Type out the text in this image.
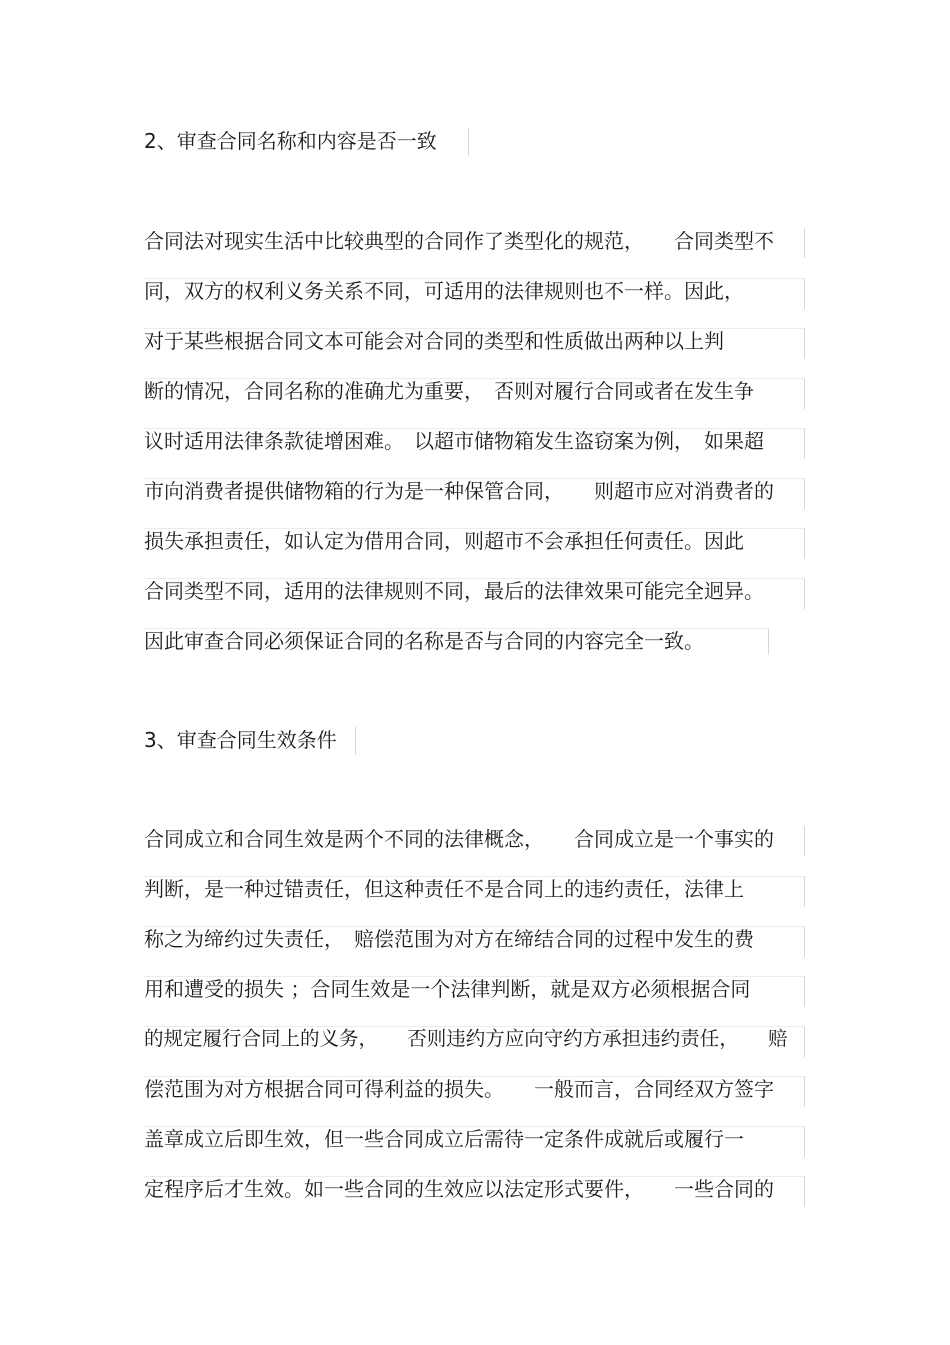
2、审查合同名称和内容是否一致
合同法对现实生活中比较典型的合同作了类型化的规范，　　合同类型不
同，双方的权利义务关系不同，可适用的法律规则也不一样。因此，
对于某些根据合同文本可能会对合同的类型和性质做出两种以上判
断的情况，合同名称的准确尤为重要，　否则对履行合同或者在发生争
议时适用法律条款徒增困难。　以超市储物箱发生盗窃案为例，　如果超
市向消费者提供储物箱的行为是一种保管合同，　　则超市应对消费者的
损失承担责任，如认定为借用合同，则超市不会承担任何责任。因此
合同类型不同，适用的法律规则不同，最后的法律效果可能完全迥异。
因此审查合同必须保证合同的名称是否与合同的内容完全一致。
3、审查合同生效条件
合同成立和合同生效是两个不同的法律概念，　　合同成立是一个事实的
判断，是一种过错责任，但这种责任不是合同上的违约责任，法律上
称之为缔约过失责任，　赔偿范围为对方在缔结合同的过程中发生的费
用和遭受的损失 ；合同生效是一个法律判断，就是双方必须根据合同
的规定履行合同上的义务，　　否则违约方应向守约方承担违约责任，　　赔
偿范围为对方根据合同可得利益的损失。　　一般而言，合同经双方签字
盖章成立后即生效，但一些合同成立后需待一定条件成就后或履行一
定程序后才生效。如一些合同的生效应以法定形式要件，　　一些合同的
